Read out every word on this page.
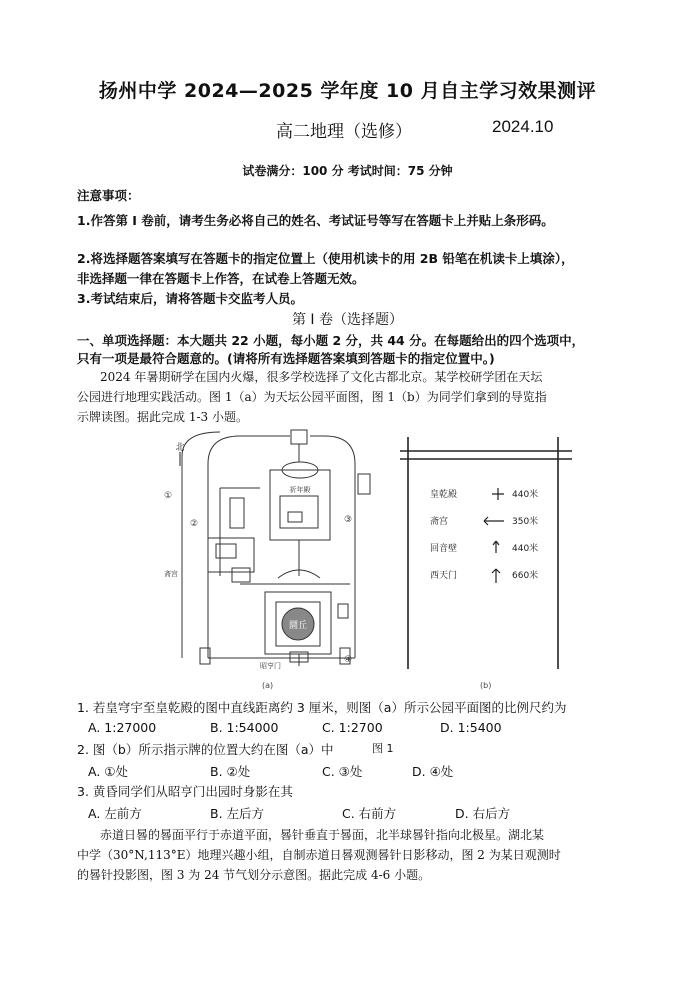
扬州中学 2024—2025 学年度 10 月自主学习效果测评
高二地理（选修）	2024.10
试卷满分：100 分 考试时间：75 分钟
注意事项：
1.作答第 I 卷前，请考生务必将自己的姓名、考试证号等写在答题卡上并贴上条形码。
2.将选择题答案填写在答题卡的指定位置上（使用机读卡的用 2B 铅笔在机读卡上填涂），
非选择题一律在答题卡上作答，在试卷上答题无效。
3.考试结束后，请将答题卡交监考人员。
第 I 卷（选择题）
一、单项选择题：本大题共 22 小题，每小题 2 分，共 44 分。在每题给出的四个选项中，
只有一项是最符合题意的。(请将所有选择题答案填到答题卡的指定位置中。)
2024 年暑期研学在国内火爆，很多学校选择了文化古都北京。某学校研学团在天坛
公园进行地理实践活动。图 1（a）为天坛公园平面图，图 1（b）为同学们拿到的导览指
示牌读图。据此完成 1-3 小题。
圜丘
北
祈年殿
①
②	③
④
斋宫
昭亨门
(a)
皇乾殿	440米
斋宫	350米
回音壁	440米
西天门	660米
(b)
1. 若皇穹宇至皇乾殿的图中直线距离约 3 厘米，则图（a）所示公园平面图的比例尺约为
A. 1:27000	B. 1:54000	C. 1:2700	D. 1:5400
2. 图（b）所示指示牌的位置大约在图（a）中	图 1
A. ①处	B. ②处	C. ③处	D. ④处
3. 黄昏同学们从昭亨门出园时身影在其
A. 左前方	B. 左后方	C. 右前方	D. 右后方
赤道日晷的晷面平行于赤道平面，晷针垂直于晷面，北半球晷针指向北极星。湖北某
中学（30°N,113°E）地理兴趣小组，自制赤道日晷观测晷针日影移动，图 2 为某日观测时
的晷针投影图，图 3 为 24 节气划分示意图。据此完成 4-6 小题。
